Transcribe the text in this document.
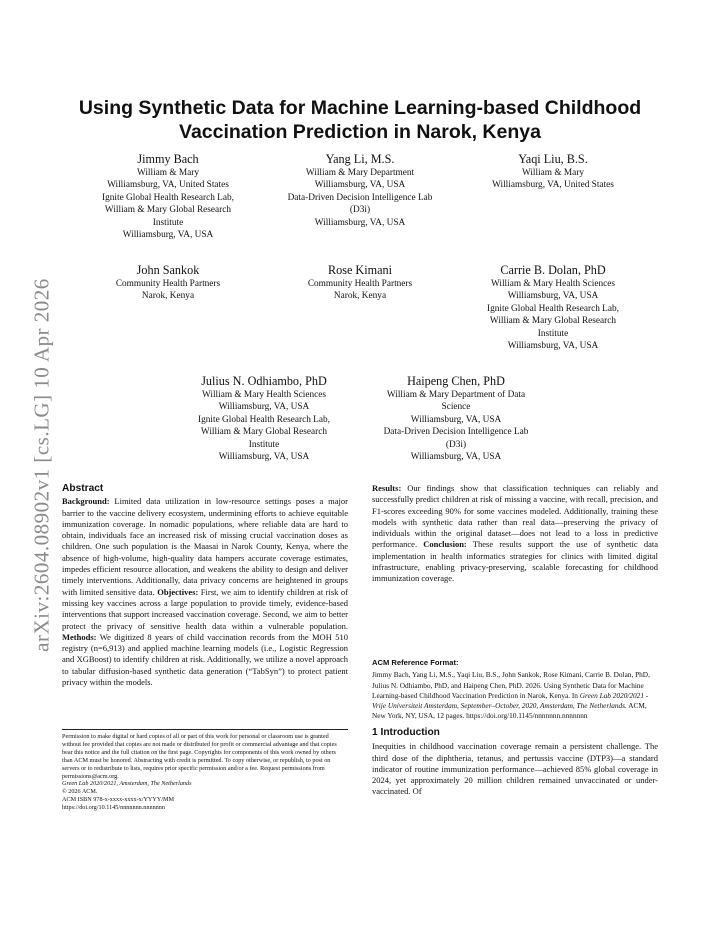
arXiv:2604.08902v1 [cs.LG] 10 Apr 2026
Using Synthetic Data for Machine Learning-based Childhood
Vaccination Prediction in Narok, Kenya
Jimmy Bach
William & Mary
Williamsburg, VA, United States
Ignite Global Health Research Lab,
William & Mary Global Research
Institute
Williamsburg, VA, USA
Yang Li, M.S.
William & Mary Department
Williamsburg, VA, USA
Data-Driven Decision Intelligence Lab
(D3i)
Williamsburg, VA, USA
Yaqi Liu, B.S.
William & Mary
Williamsburg, VA, United States
John Sankok
Community Health Partners
Narok, Kenya
Rose Kimani
Community Health Partners
Narok, Kenya
Carrie B. Dolan, PhD
William & Mary Health Sciences
Williamsburg, VA, USA
Ignite Global Health Research Lab,
William & Mary Global Research
Institute
Williamsburg, VA, USA
Julius N. Odhiambo, PhD
William & Mary Health Sciences
Williamsburg, VA, USA
Ignite Global Health Research Lab,
William & Mary Global Research
Institute
Williamsburg, VA, USA
Haipeng Chen, PhD
William & Mary Department of Data
Science
Williamsburg, VA, USA
Data-Driven Decision Intelligence Lab
(D3i)
Williamsburg, VA, USA
Abstract

Background: Limited data utilization in low-resource settings poses a major barrier to the vaccine delivery ecosystem, undermining efforts to achieve equitable immunization coverage. In nomadic populations, where reliable data are hard to obtain, individuals face an increased risk of missing crucial vaccination doses as children. One such population is the Maasai in Narok County, Kenya, where the absence of high-volume, high-quality data hampers accurate coverage estimates, impedes efficient resource allocation, and weakens the ability to design and deliver timely interventions. Additionally, data privacy concerns are heightened in groups with limited sensitive data. Objectives: First, we aim to identify children at risk of missing key vaccines across a large population to provide timely, evidence-based interventions that support increased vaccination coverage. Second, we aim to better protect the privacy of sensitive health data within a vulnerable population. Methods: We digitized 8 years of child vaccination records from the MOH 510 registry (n=6,913) and applied machine learning models (i.e., Logistic Regression and XGBoost) to identify children at risk. Additionally, we utilize a novel approach to tabular diffusion-based synthetic data generation (“TabSyn”) to protect patient privacy within the models.

Results: Our findings show that classification techniques can reliably and successfully predict children at risk of missing a vaccine, with recall, precision, and F1-scores exceeding 90% for some vaccines modeled. Additionally, training these models with synthetic data rather than real data—preserving the privacy of individuals within the original dataset—does not lead to a loss in predictive performance. Conclusion: These results support the use of synthetic data implementation in health informatics strategies for clinics with limited digital infrastructure, enabling privacy-preserving, scalable forecasting for childhood immunization coverage.

ACM Reference Format:

Jimmy Bach, Yang Li, M.S., Yaqi Liu, B.S., John Sankok, Rose Kimani, Carrie B. Dolan, PhD, Julius N. Odhiambo, PhD, and Haipeng Chen, PhD. 2026. Using Synthetic Data for Machine Learning-based Childhood Vaccination Prediction in Narok, Kenya. In Green Lab 2020/2021 - Vrije Universiteit Amsterdam, September–October, 2020, Amsterdam, The Netherlands. ACM, New York, NY, USA, 12 pages. https://doi.org/10.1145/nnnnnnn.nnnnnnn

1 Introduction

Inequities in childhood vaccination coverage remain a persistent challenge. The third dose of the diphtheria, tetanus, and pertussis vaccine (DTP3)—a standard indicator of routine immunization performance—achieved 85% global coverage in 2024, yet approximately 20 million children remained unvaccinated or under-vaccinated. Of

Permission to make digital or hard copies of all or part of this work for personal or classroom use is granted without fee provided that copies are not made or distributed for profit or commercial advantage and that copies bear this notice and the full citation on the first page. Copyrights for components of this work owned by others than ACM must be honored. Abstracting with credit is permitted. To copy otherwise, or republish, to post on servers or to redistribute to lists, requires prior specific permission and/or a fee. Request permissions from permissions@acm.org.

Green Lab 2020/2021, Amsterdam, The Netherlands

© 2026 ACM.

ACM ISBN 978-x-xxxx-xxxx-x/YYYY/MM

https://doi.org/10.1145/nnnnnnn.nnnnnnn
